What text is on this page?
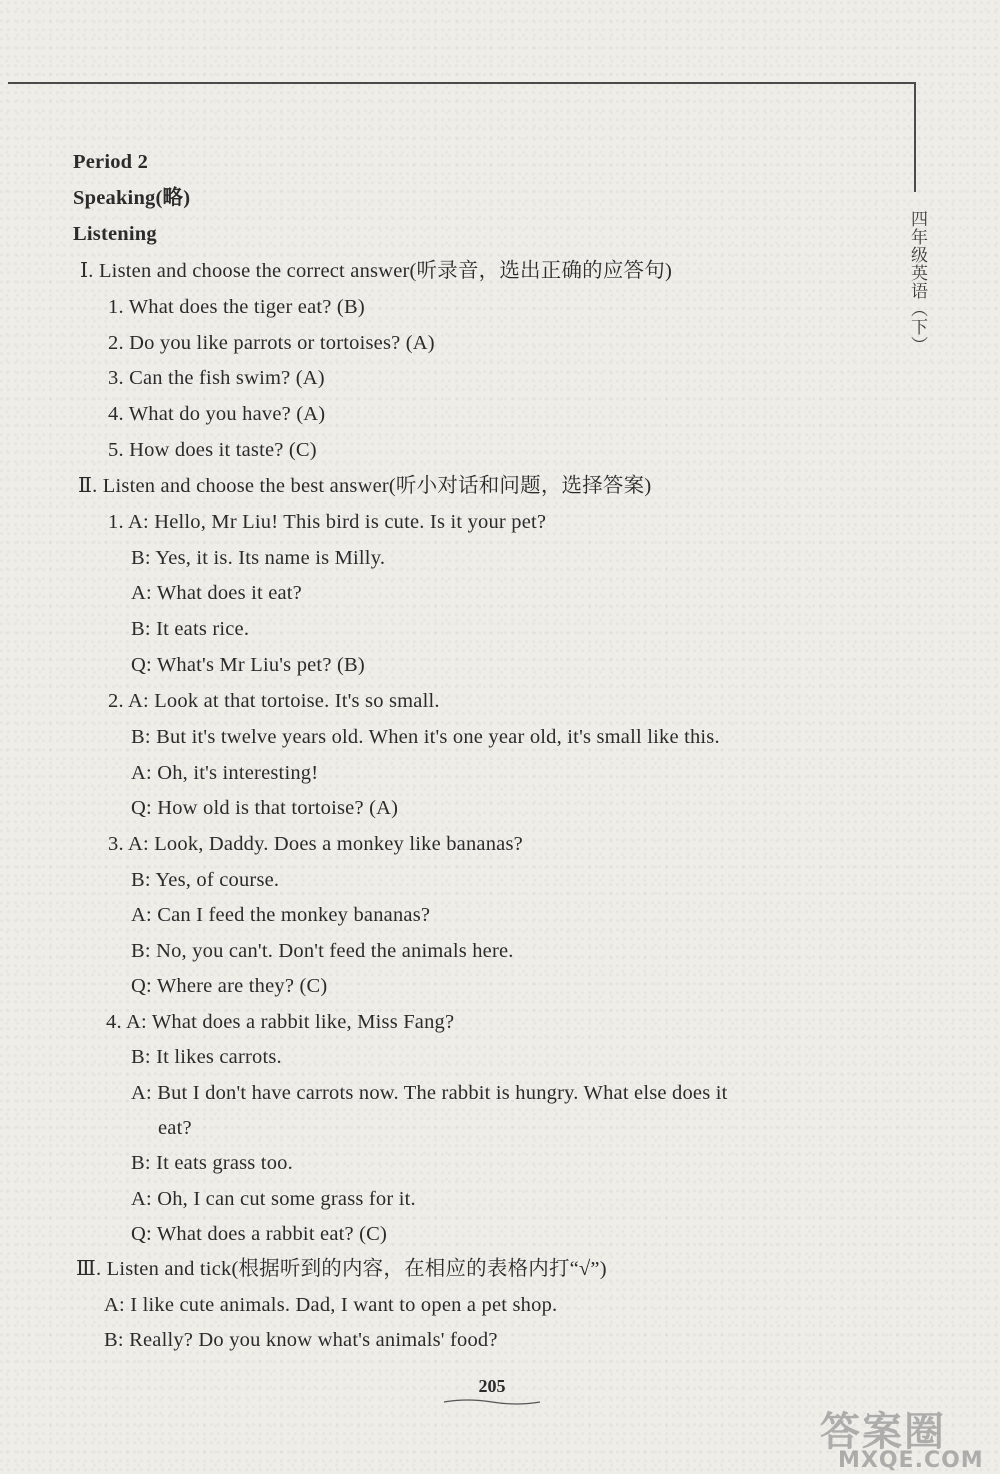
四年级英语（下）
Period 2
Speaking(略)
Listening
Ⅰ. Listen and choose the correct answer(听录音，选出正确的应答句)
1. What does the tiger eat? (B)
2. Do you like parrots or tortoises? (A)
3. Can the fish swim? (A)
4. What do you have? (A)
5. How does it taste? (C)
Ⅱ. Listen and choose the best answer(听小对话和问题，选择答案)
1. A: Hello, Mr Liu! This bird is cute. Is it your pet?
B: Yes, it is. Its name is Milly.
A: What does it eat?
B: It eats rice.
Q: What's Mr Liu's pet? (B)
2. A: Look at that tortoise. It's so small.
B: But it's twelve years old. When it's one year old, it's small like this.
A: Oh, it's interesting!
Q: How old is that tortoise? (A)
3. A: Look, Daddy. Does a monkey like bananas?
B: Yes, of course.
A: Can I feed the monkey bananas?
B: No, you can't. Don't feed the animals here.
Q: Where are they? (C)
4. A: What does a rabbit like, Miss Fang?
B: It likes carrots.
A: But I don't have carrots now. The rabbit is hungry. What else does it
eat?
B: It eats grass too.
A: Oh, I can cut some grass for it.
Q: What does a rabbit eat? (C)
Ⅲ. Listen and tick(根据听到的内容，在相应的表格内打“√”)
A: I like cute animals. Dad, I want to open a pet shop.
B: Really? Do you know what's animals' food?
205
答案圈
MXQE.COM
